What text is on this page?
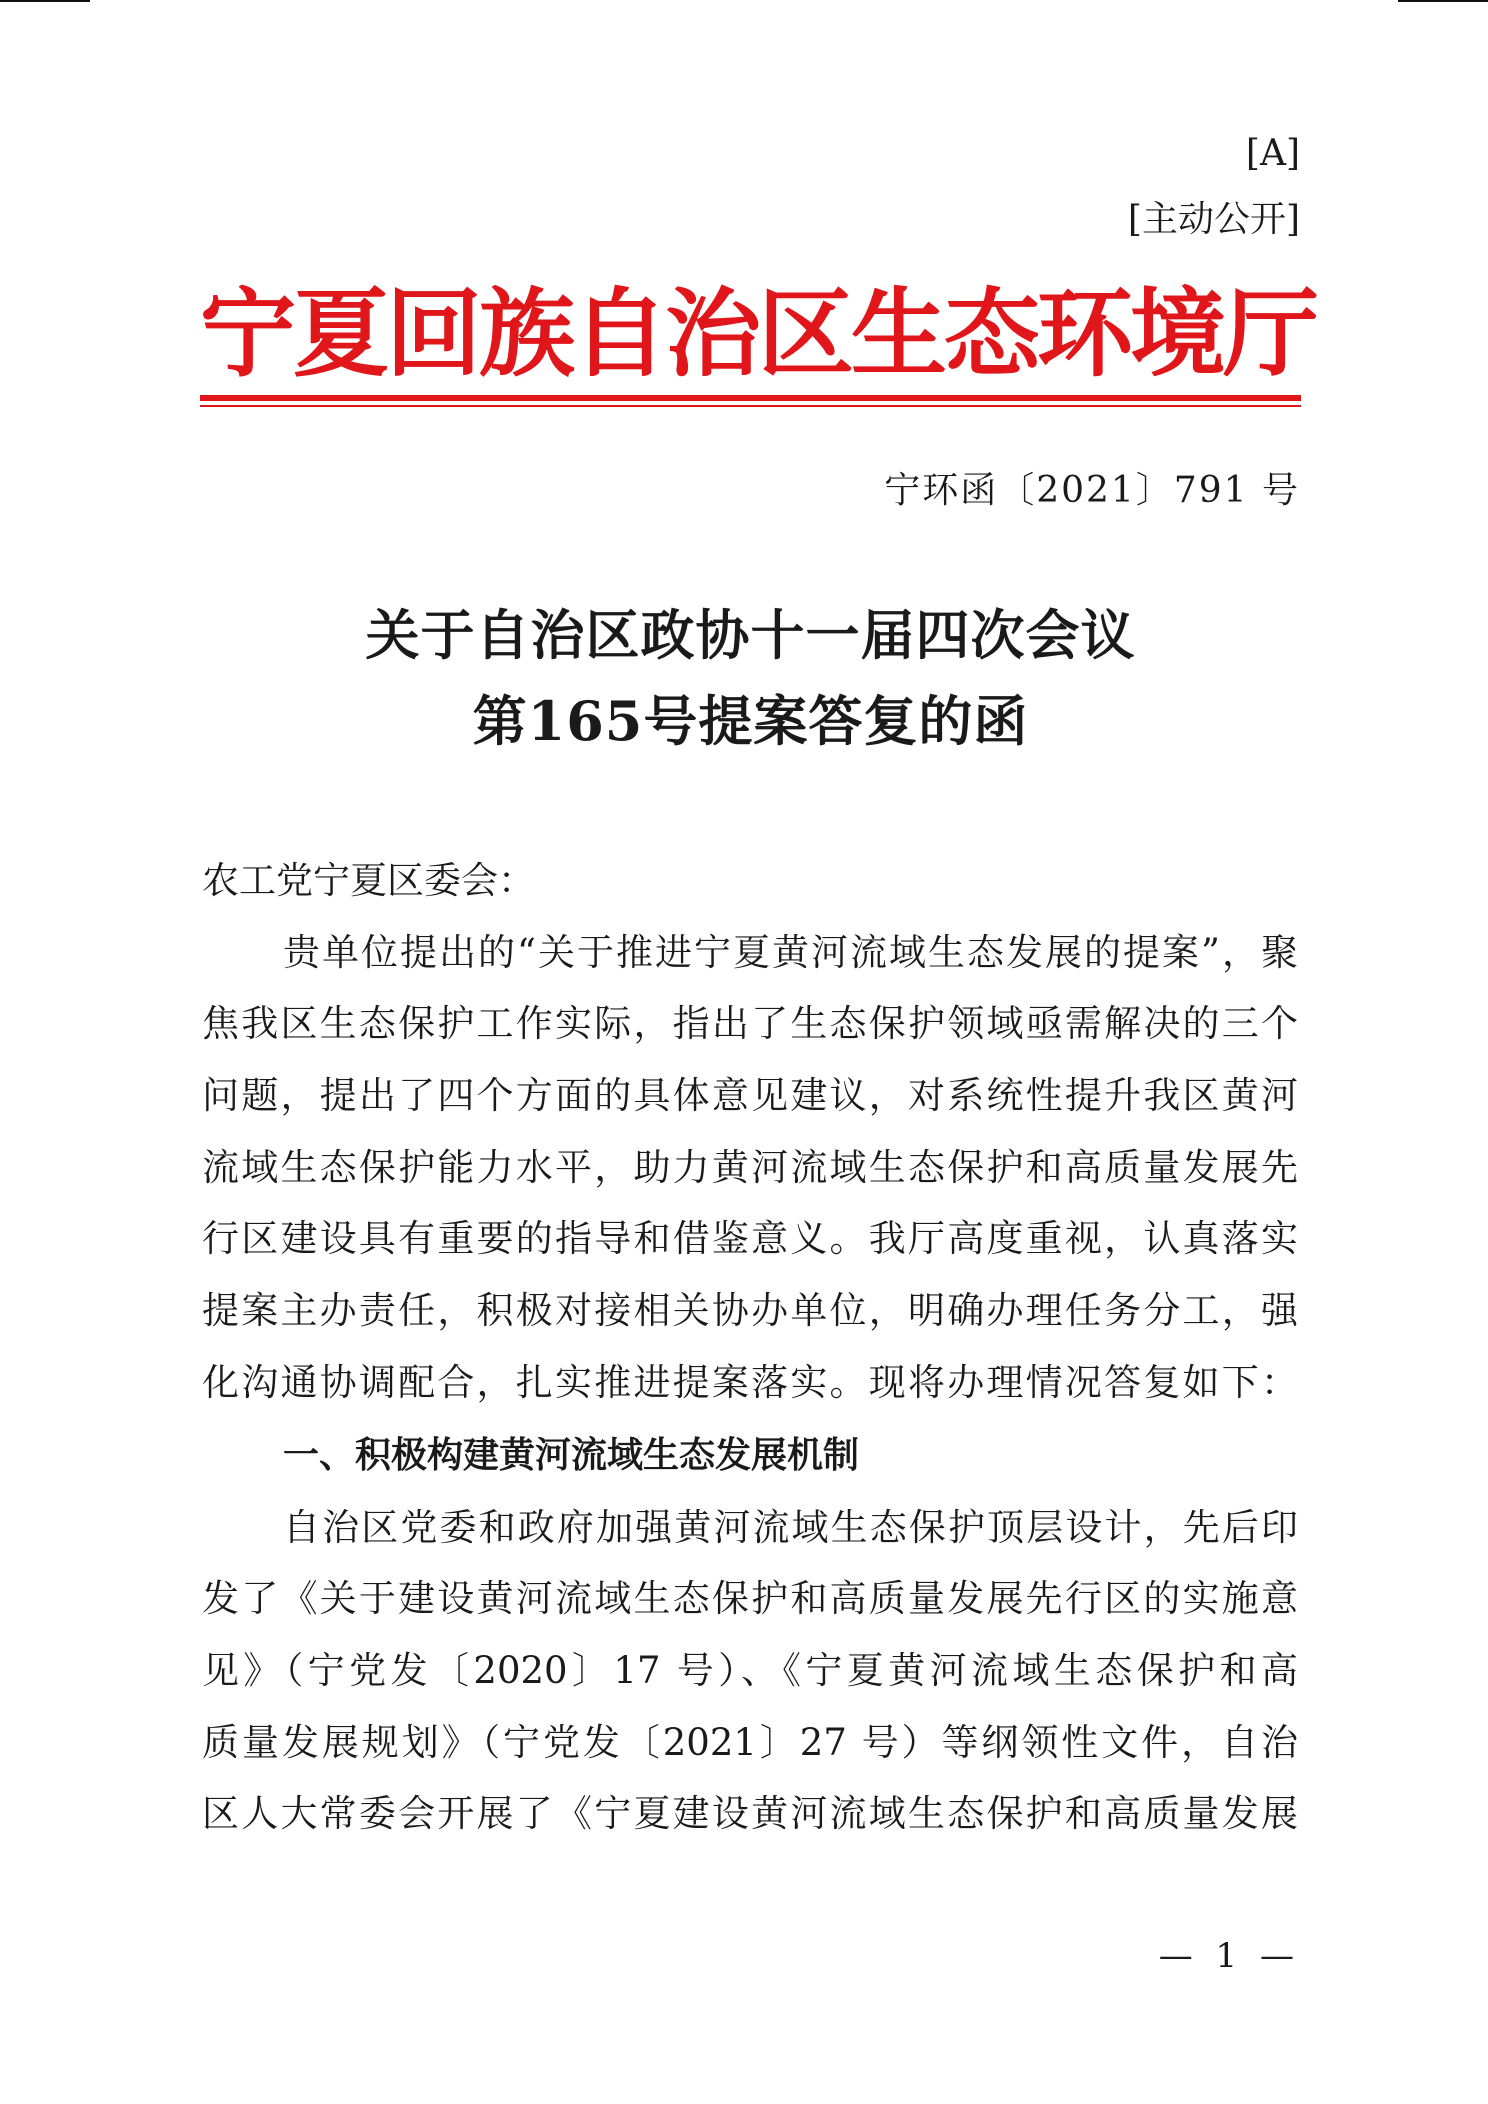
[A]
[主动公开]
宁夏回族自治区生态环境厅
宁环函〔2021〕791 号
关于自治区政协十一届四次会议
第165号提案答复的函
农工党宁夏区委会：
贵单位提出的“关于推进宁夏黄河流域生态发展的提案”，聚
焦我区生态保护工作实际，指出了生态保护领域亟需解决的三个
问题，提出了四个方面的具体意见建议，对系统性提升我区黄河
流域生态保护能力水平，助力黄河流域生态保护和高质量发展先
行区建设具有重要的指导和借鉴意义。我厅高度重视，认真落实
提案主办责任，积极对接相关协办单位，明确办理任务分工，强
化沟通协调配合，扎实推进提案落实。现将办理情况答复如下：
一、积极构建黄河流域生态发展机制
自治区党委和政府加强黄河流域生态保护顶层设计，先后印
发了《关于建设黄河流域生态保护和高质量发展先行区的实施意
见》（宁党发〔2020〕17 号）、《宁夏黄河流域生态保护和高
质量发展规划》（宁党发〔2021〕27 号）等纲领性文件，自治
区人大常委会开展了《宁夏建设黄河流域生态保护和高质量发展
— 1 —
